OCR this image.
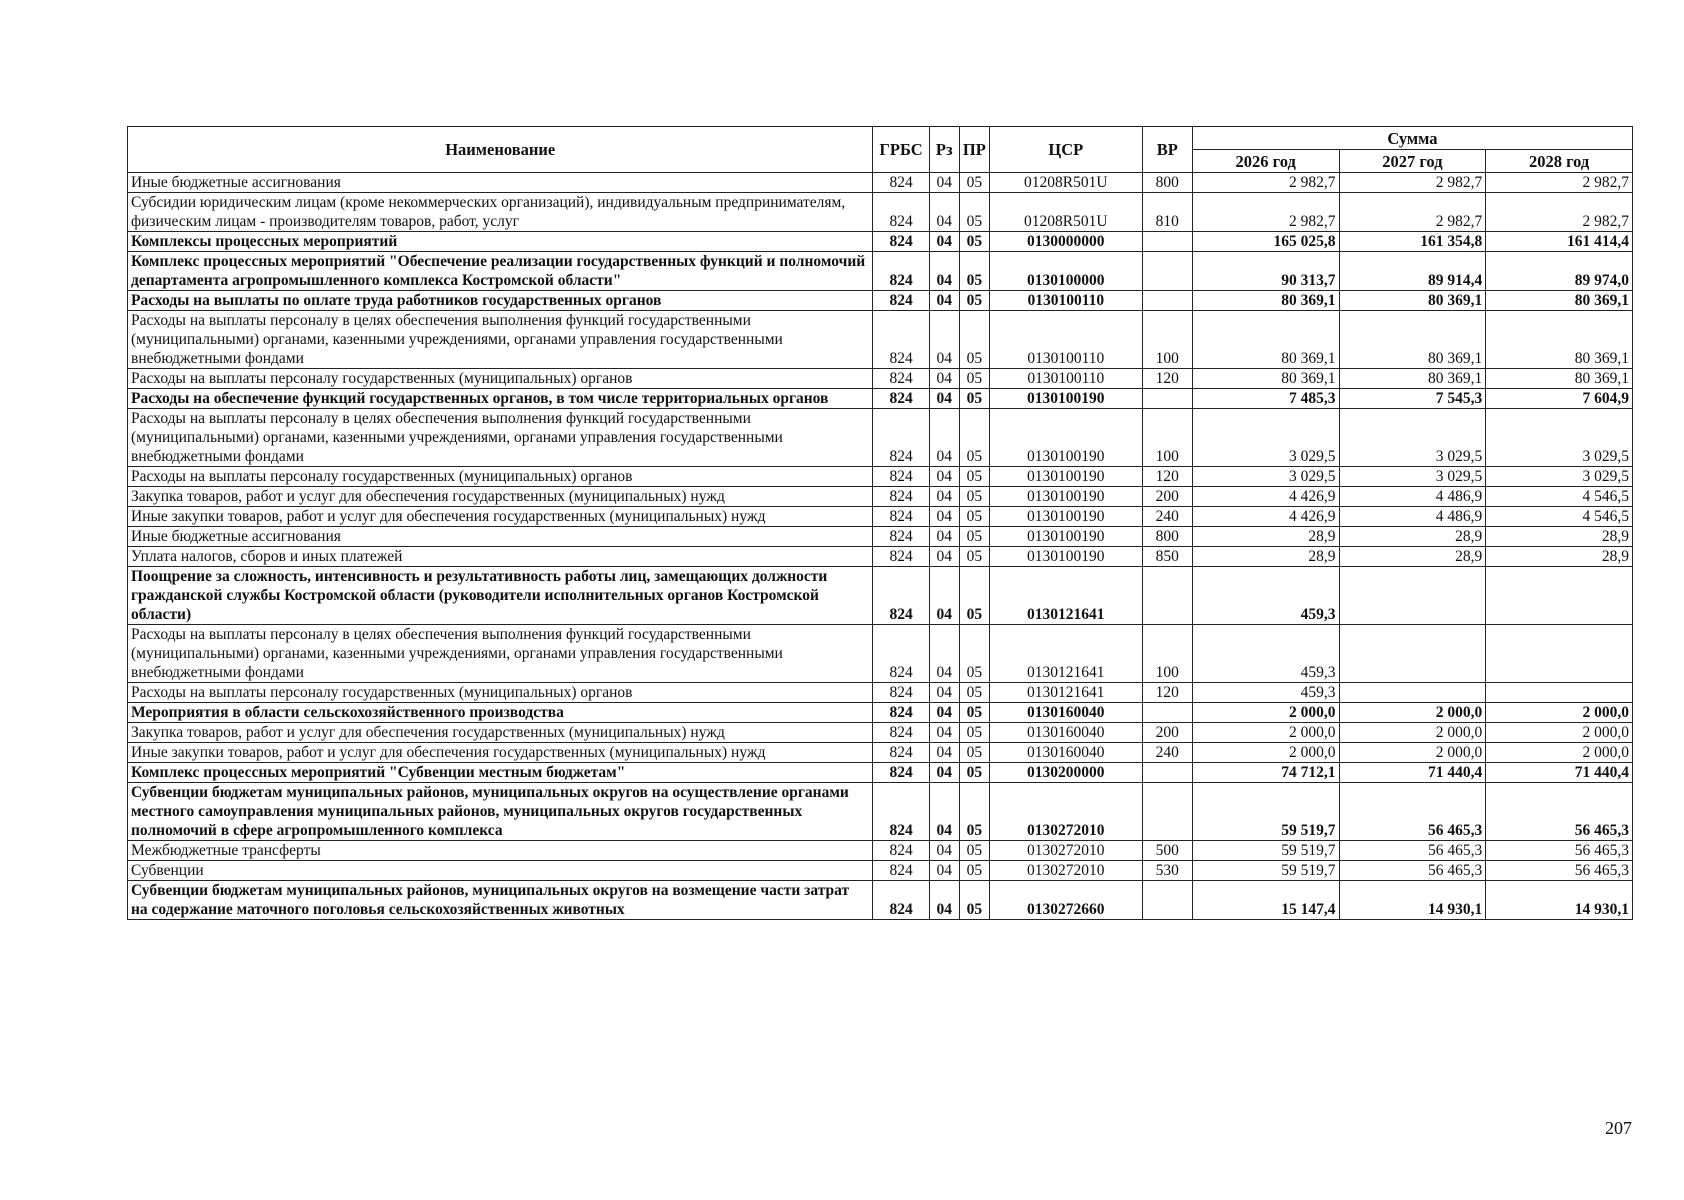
Наименование	ГРБС	Рз	ПР	ЦСР	ВР	Сумма		
						2026 год	2027 год	2028 год
Иные бюджетные ассигнования	824	04	05	01208R501U	800	2 982,7	2 982,7	2 982,7
Субсидии юридическим лицам (кроме некоммерческих организаций), индивидуальным предпринимателям, физическим лицам - производителям товаров, работ, услуг	824	04	05	01208R501U	810	2 982,7	2 982,7	2 982,7
Комплексы процессных мероприятий	824	04	05	0130000000		165 025,8	161 354,8	161 414,4
Комплекс процессных мероприятий "Обеспечение реализации государственных функций и полномочий департамента агропромышленного комплекса Костромской области"	824	04	05	0130100000		90 313,7	89 914,4	89 974,0
Расходы на выплаты по оплате труда работников государственных органов	824	04	05	0130100110		80 369,1	80 369,1	80 369,1
Расходы на выплаты персоналу в целях обеспечения выполнения функций государственными (муниципальными) органами, казенными учреждениями, органами управления государственными внебюджетными фондами	824	04	05	0130100110	100	80 369,1	80 369,1	80 369,1
Расходы на выплаты персоналу государственных (муниципальных) органов	824	04	05	0130100110	120	80 369,1	80 369,1	80 369,1
Расходы на обеспечение функций государственных органов, в том числе территориальных органов	824	04	05	0130100190		7 485,3	7 545,3	7 604,9
Расходы на выплаты персоналу в целях обеспечения выполнения функций государственными (муниципальными) органами, казенными учреждениями, органами управления государственными внебюджетными фондами	824	04	05	0130100190	100	3 029,5	3 029,5	3 029,5
Расходы на выплаты персоналу государственных (муниципальных) органов	824	04	05	0130100190	120	3 029,5	3 029,5	3 029,5
Закупка товаров, работ и услуг для обеспечения государственных (муниципальных) нужд	824	04	05	0130100190	200	4 426,9	4 486,9	4 546,5
Иные закупки товаров, работ и услуг для обеспечения государственных (муниципальных) нужд	824	04	05	0130100190	240	4 426,9	4 486,9	4 546,5
Иные бюджетные ассигнования	824	04	05	0130100190	800	28,9	28,9	28,9
Уплата налогов, сборов и иных платежей	824	04	05	0130100190	850	28,9	28,9	28,9
Поощрение за сложность, интенсивность и результативность работы лиц, замещающих должности гражданской службы Костромской области (руководители исполнительных органов Костромской области)	824	04	05	0130121641		459,3		
Расходы на выплаты персоналу в целях обеспечения выполнения функций государственными (муниципальными) органами, казенными учреждениями, органами управления государственными внебюджетными фондами	824	04	05	0130121641	100	459,3		
Расходы на выплаты персоналу государственных (муниципальных) органов	824	04	05	0130121641	120	459,3		
Мероприятия в области сельскохозяйственного производства	824	04	05	0130160040		2 000,0	2 000,0	2 000,0
Закупка товаров, работ и услуг для обеспечения государственных (муниципальных) нужд	824	04	05	0130160040	200	2 000,0	2 000,0	2 000,0
Иные закупки товаров, работ и услуг для обеспечения государственных (муниципальных) нужд	824	04	05	0130160040	240	2 000,0	2 000,0	2 000,0
Комплекс процессных мероприятий "Субвенции местным бюджетам"	824	04	05	0130200000		74 712,1	71 440,4	71 440,4
Субвенции бюджетам муниципальных районов, муниципальных округов на осуществление органами местного самоуправления муниципальных районов, муниципальных округов государственных полномочий в сфере агропромышленного комплекса	824	04	05	0130272010		59 519,7	56 465,3	56 465,3
Межбюджетные трансферты	824	04	05	0130272010	500	59 519,7	56 465,3	56 465,3
Субвенции	824	04	05	0130272010	530	59 519,7	56 465,3	56 465,3
Субвенции бюджетам муниципальных районов, муниципальных округов на возмещение части затрат на содержание маточного поголовья сельскохозяйственных животных	824	04	05	0130272660		15 147,4	14 930,1	14 930,1
207
